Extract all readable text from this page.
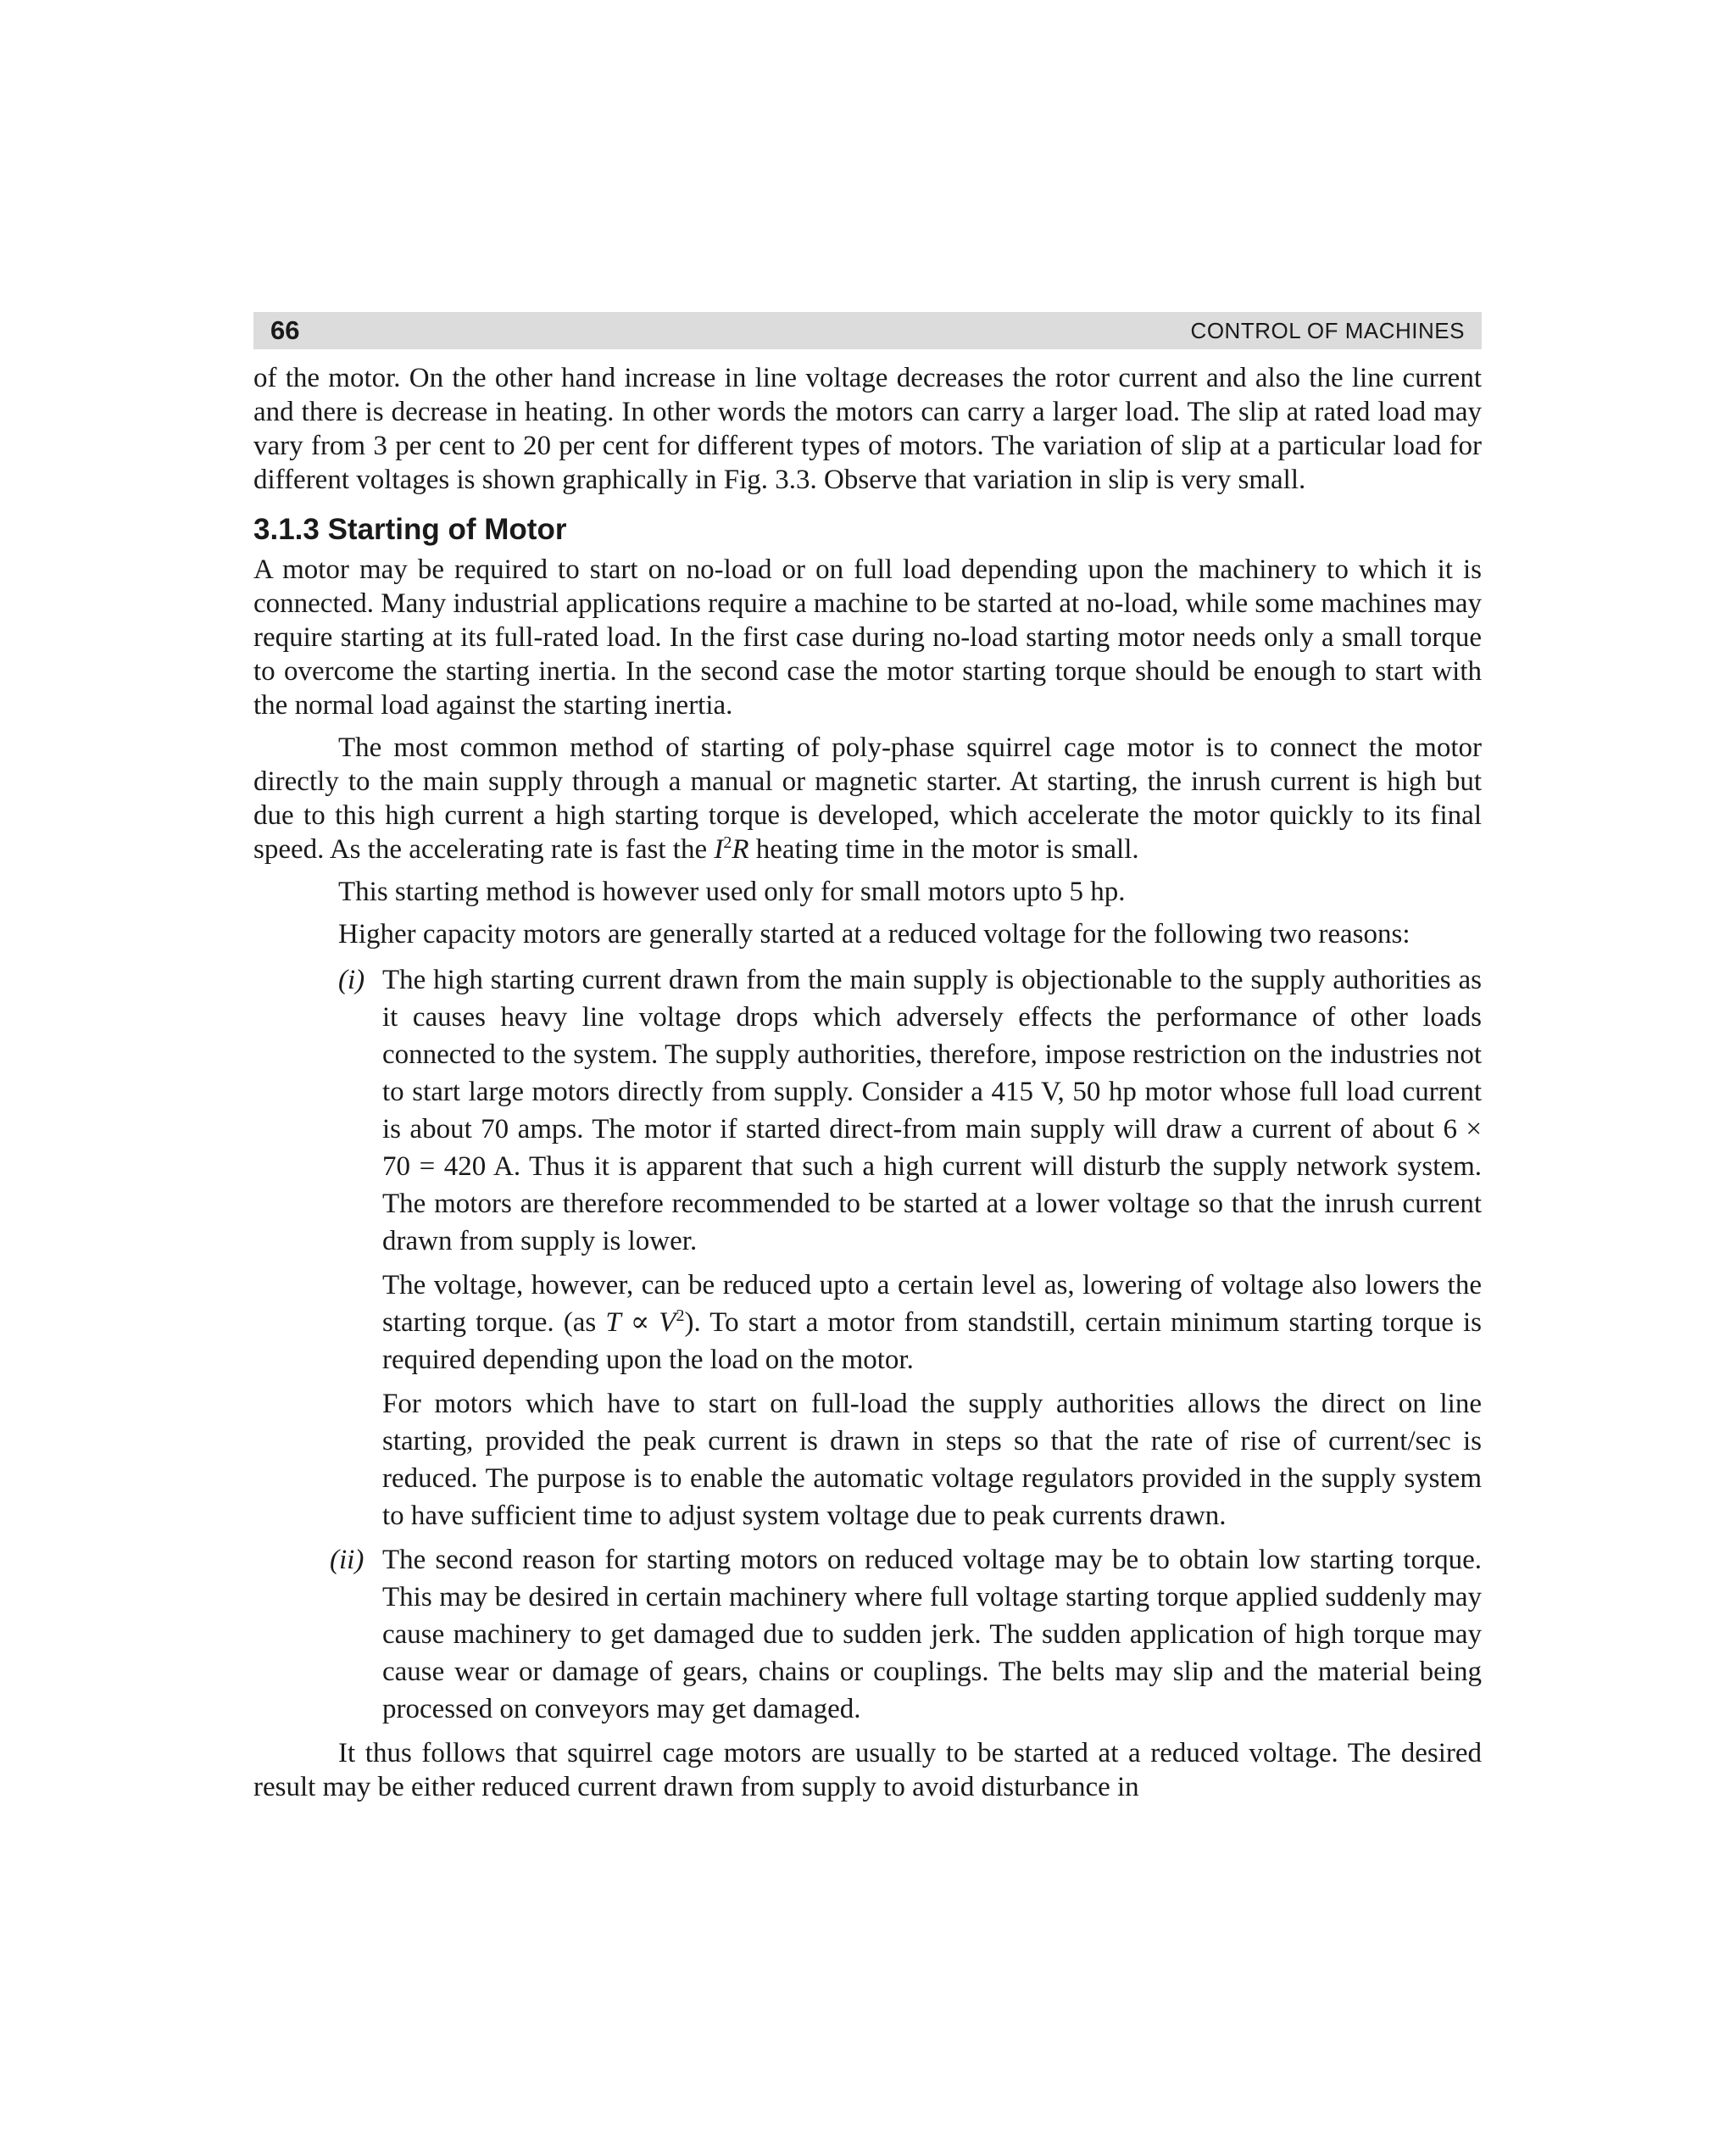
66	CONTROL OF MACHINES

of the motor. On the other hand increase in line voltage decreases the rotor current and also the line current and there is decrease in heating. In other words the motors can carry a larger load. The slip at rated load may vary from 3 per cent to 20 per cent for different types of motors. The variation of slip at a particular load for different voltages is shown graphically in Fig. 3.3. Observe that variation in slip is very small.

3.1.3 Starting of Motor

A motor may be required to start on no-load or on full load depending upon the machinery to which it is connected. Many industrial applications require a machine to be started at no-load, while some machines may require starting at its full-rated load. In the first case during no-load starting motor needs only a small torque to overcome the starting inertia. In the second case the motor starting torque should be enough to start with the normal load against the starting inertia.

The most common method of starting of poly-phase squirrel cage motor is to connect the motor directly to the main supply through a manual or magnetic starter. At starting, the inrush current is high but due to this high current a high starting torque is developed, which accelerate the motor quickly to its final speed. As the accelerating rate is fast the $I^2R$ heating time in the motor is small.

This starting method is however used only for small motors upto 5 hp.

Higher capacity motors are generally started at a reduced voltage for the following two reasons:

(i) The high starting current drawn from the main supply is objectionable to the supply authorities as it causes heavy line voltage drops which adversely effects the performance of other loads connected to the system. The supply authorities, therefore, impose restriction on the industries not to start large motors directly from supply. Consider a 415 V, 50 hp motor whose full load current is about 70 amps. The motor if started direct-from main supply will draw a current of about 6 × 70 = 420 A. Thus it is apparent that such a high current will disturb the supply network system. The motors are therefore recommended to be started at a lower voltage so that the inrush current drawn from supply is lower.

The voltage, however, can be reduced upto a certain level as, lowering of voltage also lowers the starting torque. (as $T \propto V^2$). To start a motor from standstill, certain minimum starting torque is required depending upon the load on the motor.

For motors which have to start on full-load the supply authorities allows the direct on line starting, provided the peak current is drawn in steps so that the rate of rise of current/sec is reduced. The purpose is to enable the automatic voltage regulators provided in the supply system to have sufficient time to adjust system voltage due to peak currents drawn.

(ii) The second reason for starting motors on reduced voltage may be to obtain low starting torque. This may be desired in certain machinery where full voltage starting torque applied suddenly may cause machinery to get damaged due to sudden jerk. The sudden application of high torque may cause wear or damage of gears, chains or couplings. The belts may slip and the material being processed on conveyors may get damaged.

It thus follows that squirrel cage motors are usually to be started at a reduced voltage. The desired result may be either reduced current drawn from supply to avoid disturbance in
